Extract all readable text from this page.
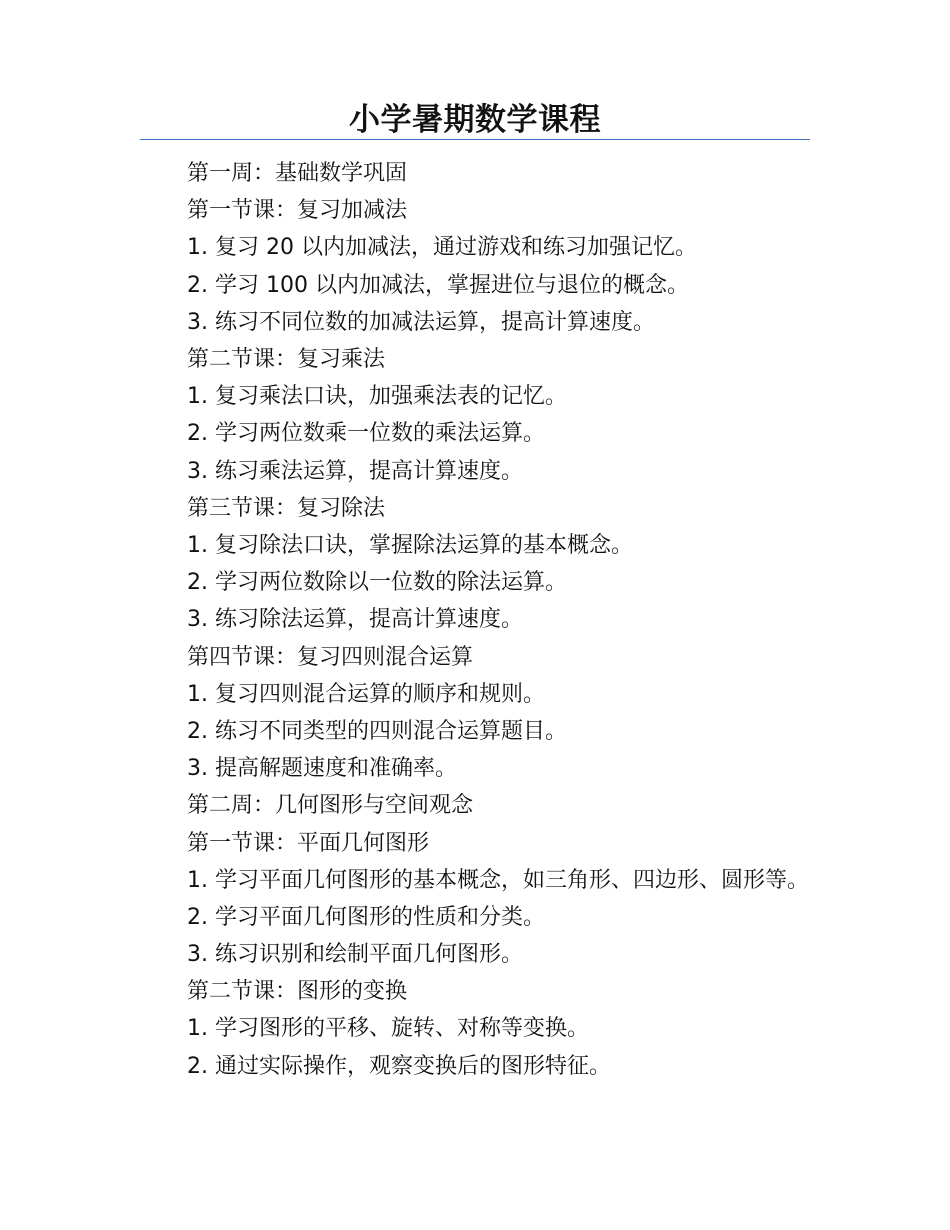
小学暑期数学课程
第一周：基础数学巩固
第一节课：复习加减法
1. 复习 20 以内加减法，通过游戏和练习加强记忆。
2. 学习 100 以内加减法，掌握进位与退位的概念。
3. 练习不同位数的加减法运算，提高计算速度。
第二节课：复习乘法
1. 复习乘法口诀，加强乘法表的记忆。
2. 学习两位数乘一位数的乘法运算。
3. 练习乘法运算，提高计算速度。
第三节课：复习除法
1. 复习除法口诀，掌握除法运算的基本概念。
2. 学习两位数除以一位数的除法运算。
3. 练习除法运算，提高计算速度。
第四节课：复习四则混合运算
1. 复习四则混合运算的顺序和规则。
2. 练习不同类型的四则混合运算题目。
3. 提高解题速度和准确率。
第二周：几何图形与空间观念
第一节课：平面几何图形
1. 学习平面几何图形的基本概念，如三角形、四边形、圆形等。
2. 学习平面几何图形的性质和分类。
3. 练习识别和绘制平面几何图形。
第二节课：图形的变换
1. 学习图形的平移、旋转、对称等变换。
2. 通过实际操作，观察变换后的图形特征。
